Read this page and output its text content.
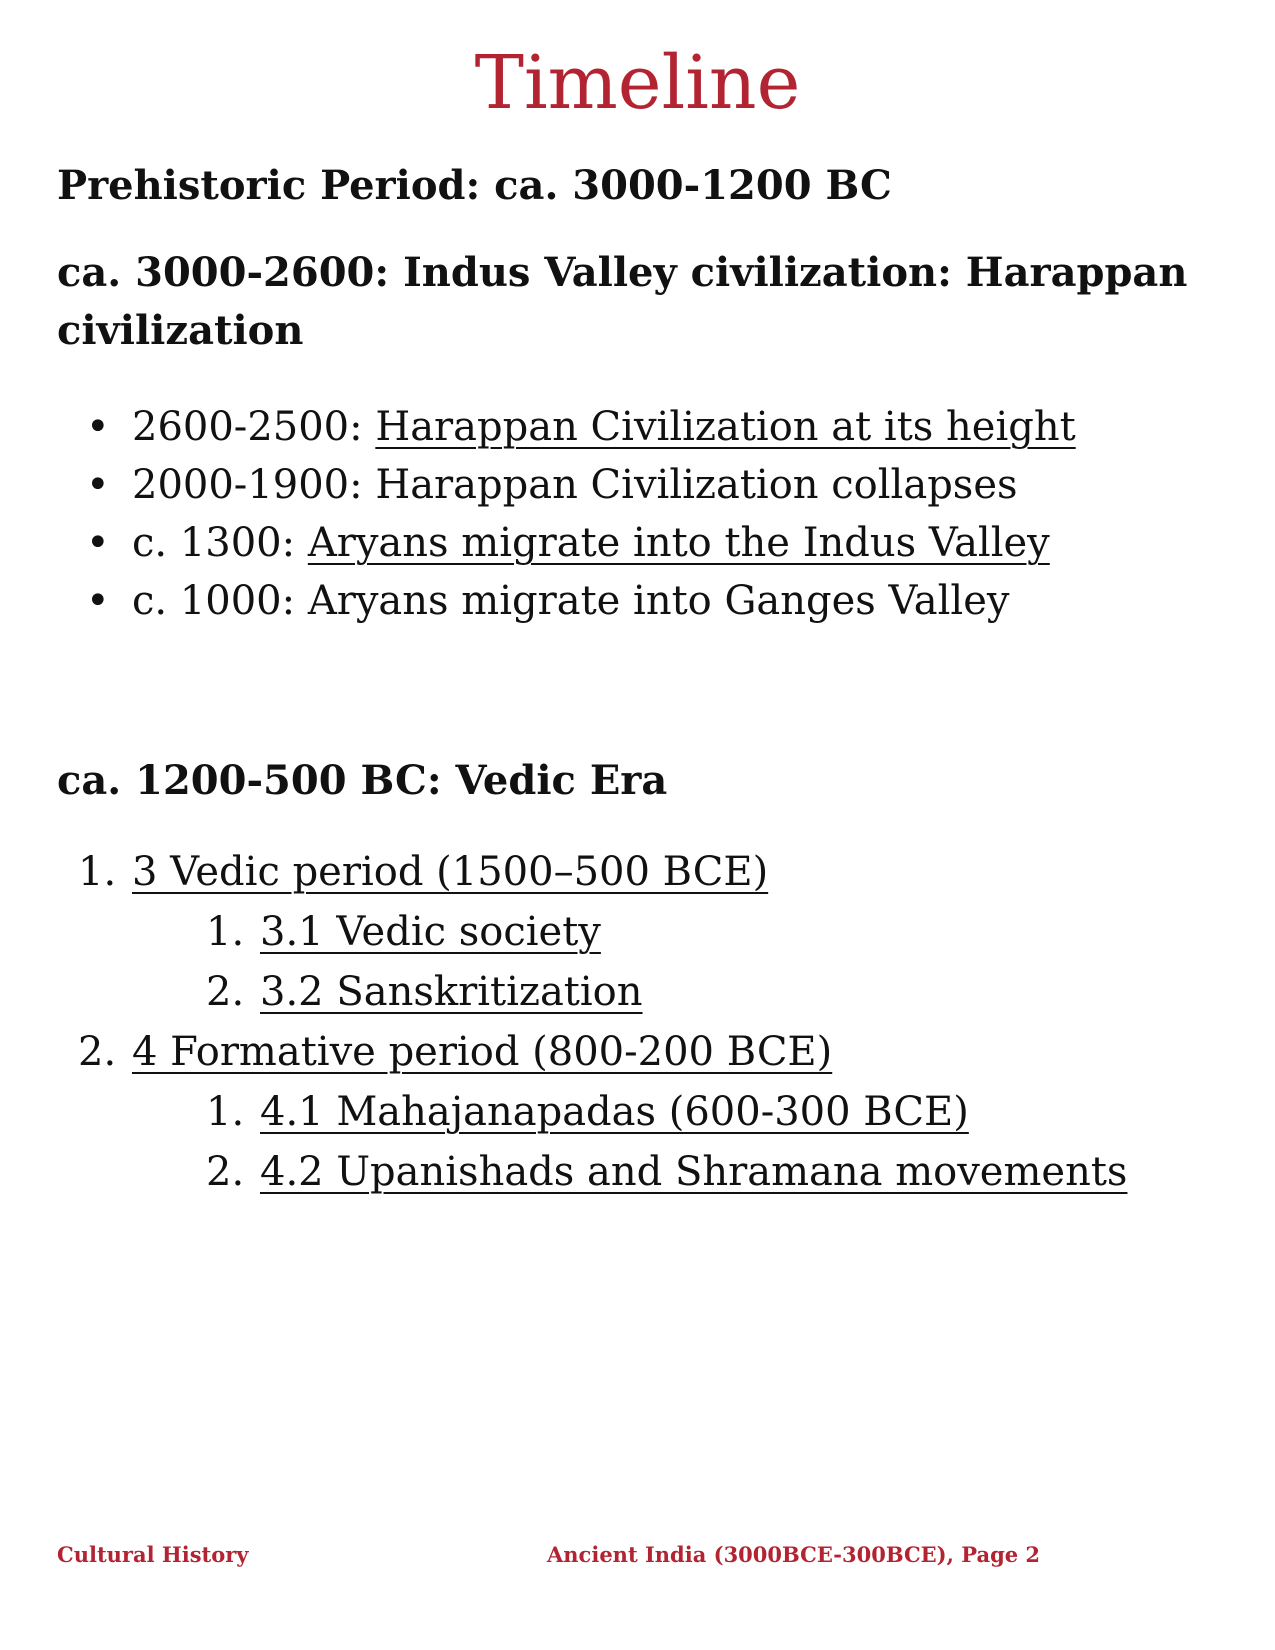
Timeline
Prehistoric Period: ca. 3000-1200 BC
ca. 3000-2600: Indus Valley civilization: Harappan civilization
• 2600-2500: Harappan Civilization at its height
• 2000-1900: Harappan Civilization collapses
• c. 1300: Aryans migrate into the Indus Valley
• c. 1000: Aryans migrate into Ganges Valley
ca. 1200-500 BC: Vedic Era
1. 3 Vedic period (1500–500 BCE)
1. 3.1 Vedic society
2. 3.2 Sanskritization
2. 4 Formative period (800-200 BCE)
1. 4.1 Mahajanapadas (600-300 BCE)
2. 4.2 Upanishads and Shramana movements
Cultural History	Ancient India (3000BCE-300BCE), Page 2
